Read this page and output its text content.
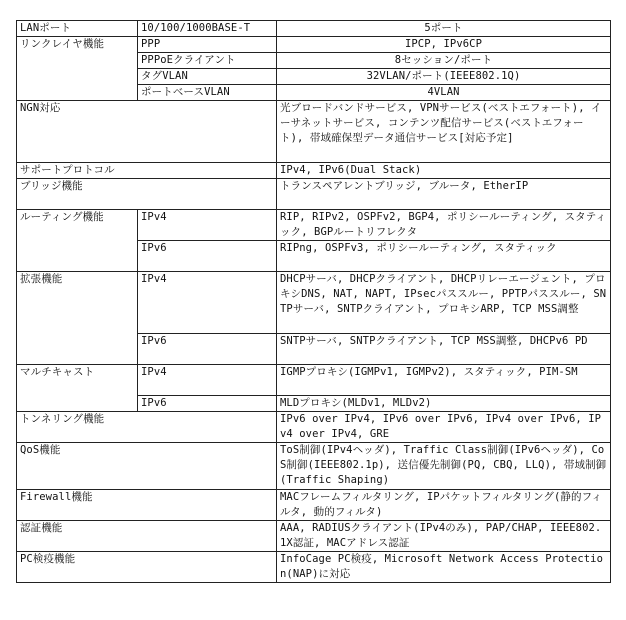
LANポート	10/100/1000BASE-T	5ポート
リンクレイヤ機能	PPP	IPCP, IPv6CP
	PPPoEクライアント	8セッション/ポート
	タグVLAN	32VLAN/ポート(IEEE802.1Q)
	ポートベースVLAN	4VLAN
NGN対応		光ブロードバンドサービス, VPNサービス(ベストエフォート), イーサネットサービス, コンテンツ配信サービス(ベストエフォート), 帯域確保型データ通信サービス[対応予定]
サポートプロトコル		IPv4, IPv6(Dual Stack)
ブリッジ機能		トランスペアレントブリッジ, ブルータ, EtherIP
ルーティング機能	IPv4	RIP, RIPv2, OSPFv2, BGP4, ポリシールーティング, スタティック, BGPルートリフレクタ
	IPv6	RIPng, OSPFv3, ポリシールーティング, スタティック
拡張機能	IPv4	DHCPサーバ, DHCPクライアント, DHCPリレーエージェント, プロキシDNS, NAT, NAPT, IPsecパススルー, PPTPパススルー, SNTPサーバ, SNTPクライアント, プロキシARP, TCP MSS調整
	IPv6	SNTPサーバ, SNTPクライアント, TCP MSS調整, DHCPv6 PD
マルチキャスト	IPv4	IGMPプロキシ(IGMPv1, IGMPv2), スタティック, PIM-SM
	IPv6	MLDプロキシ(MLDv1, MLDv2)
トンネリング機能		IPv6 over IPv4, IPv6 over IPv6, IPv4 over IPv6, IPv4 over IPv4, GRE
QoS機能		ToS制御(IPv4ヘッダ), Traffic Class制御(IPv6ヘッダ), CoS制御(IEEE802.1p), 送信優先制御(PQ, CBQ, LLQ), 帯域制御(Traffic Shaping)
Firewall機能		MACフレームフィルタリング, IPパケットフィルタリング(静的フィルタ, 動的フィルタ)
認証機能		AAA, RADIUSクライアント(IPv4のみ), PAP/CHAP, IEEE802.1X認証, MACアドレス認証
PC検疫機能		InfoCage PC検疫, Microsoft Network Access Protection(NAP)に対応
